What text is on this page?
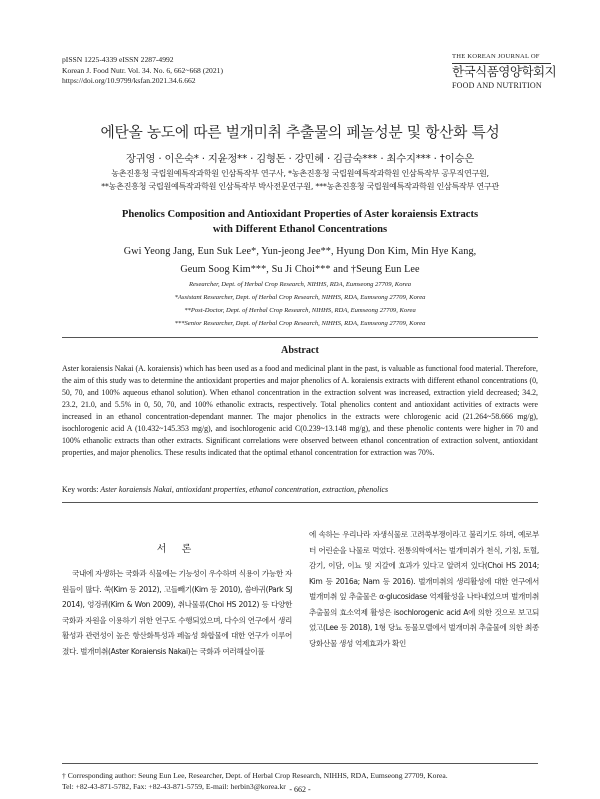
pISSN 1225-4339 eISSN 2287-4992
Korean J. Food Nutr. Vol. 34. No. 6, 662~668 (2021)
https://doi.org/10.9799/ksfan.2021.34.6.662
THE KOREAN JOURNAL OF
한국식품영양학회지
FOOD AND NUTRITION
에탄올 농도에 따른 벌개미취 추출물의 페놀성분 및 항산화 특성
장귀영 · 이은숙* · 지윤정** · 김형돈 · 강민혜 · 김금숙*** · 최수지*** · †이승은
농촌진흥청 국립원예특작과학원 인삼특작부 연구사, *농촌진흥청 국립원예특작과학원 인삼특작부 공무직연구원,
**농촌진흥청 국립원예특작과학원 인삼특작부 박사전문연구원, ***농촌진흥청 국립원예특작과학원 인삼특작부 연구관
Phenolics Composition and Antioxidant Properties of Aster koraiensis Extracts
with Different Ethanol Concentrations
Gwi Yeong Jang, Eun Suk Lee*, Yun-jeong Jee**, Hyung Don Kim, Min Hye Kang,
Geum Soog Kim***, Su Ji Choi*** and †Seung Eun Lee
Researcher, Dept. of Herbal Crop Research, NIHHS, RDA, Eumseong 27709, Korea
*Assistant Researcher, Dept. of Herbal Crop Research, NIHHS, RDA, Eumseong 27709, Korea
**Post-Doctor, Dept. of Herbal Crop Research, NIHHS, RDA, Eumseong 27709, Korea
***Senior Researcher, Dept. of Herbal Crop Research, NIHHS, RDA, Eumseong 27709, Korea
Abstract
Aster koraiensis Nakai (A. koraiensis) which has been used as a food and medicinal plant in the past, is valuable as functional food material. Therefore, the aim of this study was to determine the antioxidant properties and major phenolics of A. koraiensis extracts with different ethanol concentrations (0, 50, 70, and 100% aqueous ethanol solution). When ethanol concentration in the extraction solvent was increased, extraction yield decreased; 34.2, 23.2, 21.0, and 5.5% in 0, 50, 70, and 100% ethanolic extracts, respectively. Total phenolics content and antioxidant activities of extracts were increased in an ethanol concentration-dependant manner. The major phenolics in the extracts were chlorogenic acid (21.264~58.666 mg/g), isochlorogenic acid A (10.432~145.353 mg/g), and isochlorogenic acid C(0.239~13.148 mg/g), and these phenolic contents were higher in 70 and 100% ethanolic extracts than other extracts. Significant correlations were observed between ethanol concentration of extraction solvent, antioxidant properties, and major phenolics. These results indicated that the optimal ethanol concentration for extraction was 70%.
Key words: Aster koraiensis Nakai, antioxidant properties, ethanol concentration, extraction, phenolics
서 론
국내에 자생하는 국화과 식물에는 기능성이 우수하며 식용이 가능한 자원들이 많다. 쑥(Kim 등 2012), 고들빼기(Kim 등 2010), 씀바귀(Park SJ 2014), 엉겅퀴(Kim & Won 2009), 취나물류(Choi HS 2012) 등 다양한 국화과 자원을 이용하기 위한 연구도 수행되었으며, 다수의 연구에서 생리활성과 관련성이 높은 항산화특성과 페놀성 화합물에 대한 연구가 이루어졌다. 벌개미취(Aster Koraiensis Nakai)는 국화과 여러해살이풀
에 속하는 우리나라 자생식물로 고려쑥부쟁이라고 불리기도 하며, 예로부터 어린순을 나물로 먹었다. 전통의학에서는 벌개미취가 천식, 기침, 토혈, 감기, 이담, 이뇨 및 지갈에 효과가 있다고 알려져 있다(Choi HS 2014; Kim 등 2016a; Nam 등 2016). 벌개미취의 생리활성에 대한 연구에서 벌개미취 잎 추출물은 α-glucosidase 억제활성을 나타내었으며 벌개미취 추출물의 효소억제 활성은 isochlorogenic acid A에 의한 것으로 보고되었고(Lee 등 2018), 1형 당뇨 동물모델에서 벌개미취 추출물에 의한 최종당화산물 생성 억제효과가 확인
† Corresponding author: Seung Eun Lee, Researcher, Dept. of Herbal Crop Research, NIHHS, RDA, Eumseong 27709, Korea.
Tel: +82-43-871-5782, Fax: +82-43-871-5759, E-mail: herbin3@korea.kr - 662 -
